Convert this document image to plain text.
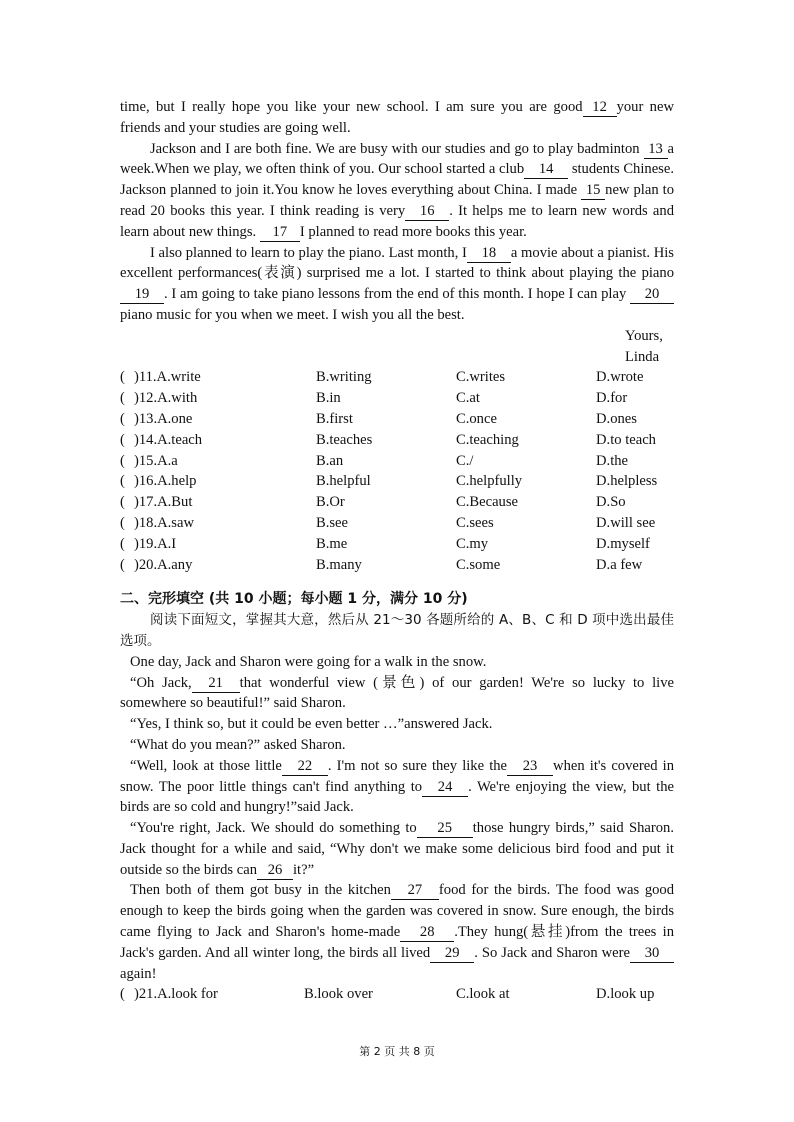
time, but I really hope you like your new school. I am sure you are good 12 your new friends and your studies are going well.

Jackson and I are both fine. We are busy with our studies and go to play badminton 13 a week.When we play, we often think of you. Our school started a club 14 students Chinese. Jackson planned to join it.You know he loves everything about China. I made 15 new plan to read 20 books this year. I think reading is very 16 . It helps me to learn new words and learn about new things. 17 I planned to read more books this year.

I also planned to learn to play the piano. Last month, I 18 a movie about a pianist. His excellent performances(表演) surprised me a lot. I started to think about playing the piano19 . I am going to take piano lessons from the end of this month. I hope I can play 20piano music for you when we meet. I wish you all the best.

Yours,

Linda

( )11.A.write	B.writing	C.writes	D.wrote
( )12.A.with	B.in	C.at	D.for
( )13.A.one	B.first	C.once	D.ones
( )14.A.teach	B.teaches	C.teaching	D.to teach
( )15.A.a	B.an	C./	D.the
( )16.A.help	B.helpful	C.helpfully	D.helpless
( )17.A.But	B.Or	C.Because	D.So
( )18.A.saw	B.see	C.sees	D.will see
( )19.A.I	B.me	C.my	D.myself
( )20.A.any	B.many	C.some	D.a few

二、完形填空 (共 10 小题；每小题 1 分，满分 10 分)

阅读下面短文，掌握其大意，然后从 21～30 各题所给的 A、B、C 和 D 项中选出最佳选项。

One day, Jack and Sharon were going for a walk in the snow.

“Oh Jack, 21 that wonderful view (景色) of our garden! We're so lucky to live somewhere so beautiful!” said Sharon.

“Yes, I think so, but it could be even better …”answered Jack.

“What do you mean?” asked Sharon.

“Well, look at those little 22 . I'm not so sure they like the 23 when it's covered in snow. The poor little things can't find anything to 24 . We're enjoying the view, but the birds are so cold and hungry!”said Jack.

“You're right, Jack. We should do something to 25 those hungry birds,” said Sharon. Jack thought for a while and said, “Why don't we make some delicious bird food and put it outside so the birds can 26 it?”

Then both of them got busy in the kitchen 27 food for the birds. The food was good enough to keep the birds going when the garden was covered in snow. Sure enough, the birds came flying to Jack and Sharon's home-made 28 .They hung(悬挂)from the trees in Jack's garden. And all winter long, the birds all lived 29 . So Jack and Sharon were 30again!

( )21.A.look for	B.look over	C.look at	D.look up
第 2 页 共 8 页
